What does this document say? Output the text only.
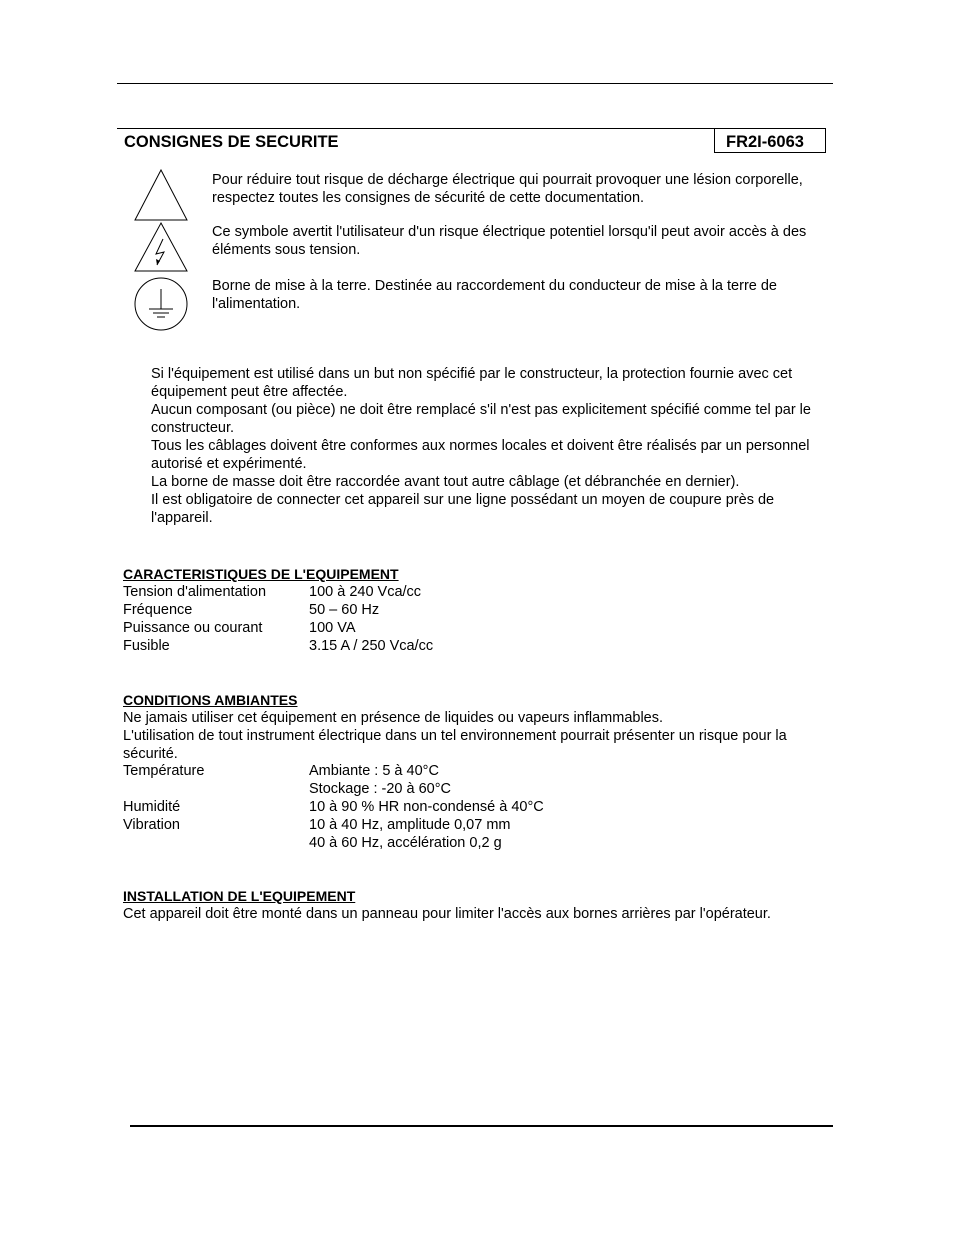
CONSIGNES DE SECURITE	FR2I-6063
Pour réduire tout risque de décharge électrique qui pourrait provoquer une lésion corporelle, respectez toutes les consignes de sécurité de cette documentation.
Ce symbole avertit l'utilisateur d'un risque électrique potentiel lorsqu'il peut avoir accès à des éléments sous tension.
Borne de mise à la terre. Destinée au raccordement du conducteur de mise à la terre de l'alimentation.

Si l'équipement est utilisé dans un but non spécifié par le constructeur, la protection fournie avec cet équipement peut être affectée.

Aucun composant (ou pièce) ne doit être remplacé s'il n'est pas explicitement spécifié comme tel par le constructeur.

Tous les câblages doivent être conformes aux normes locales et doivent être réalisés par un personnel autorisé et expérimenté.

La borne de masse doit être raccordée avant tout autre câblage (et débranchée en dernier).

Il est obligatoire de connecter cet appareil sur une ligne possédant un moyen de coupure près de l'appareil.

CARACTERISTIQUES DE L'EQUIPEMENT
Tension d'alimentation	100 à 240 Vca/cc
Fréquence	50 – 60 Hz
Puissance ou courant	100 VA
Fusible	3.15 A / 250 Vca/cc
CONDITIONS AMBIANTES

Ne jamais utiliser cet équipement en présence de liquides ou vapeurs inflammables.

L'utilisation de tout instrument électrique dans un tel environnement pourrait présenter un risque pour la sécurité.

Température	Ambiante : 5 à 40°C
Stockage : -20 à 60°C
Humidité	10 à 90 % HR non-condensé à 40°C
Vibration	10 à 40 Hz, amplitude 0,07 mm
40 à 60 Hz, accélération 0,2 g
INSTALLATION DE L'EQUIPEMENT
Cet appareil doit être monté dans un panneau pour limiter l'accès aux bornes arrières par l'opérateur.
